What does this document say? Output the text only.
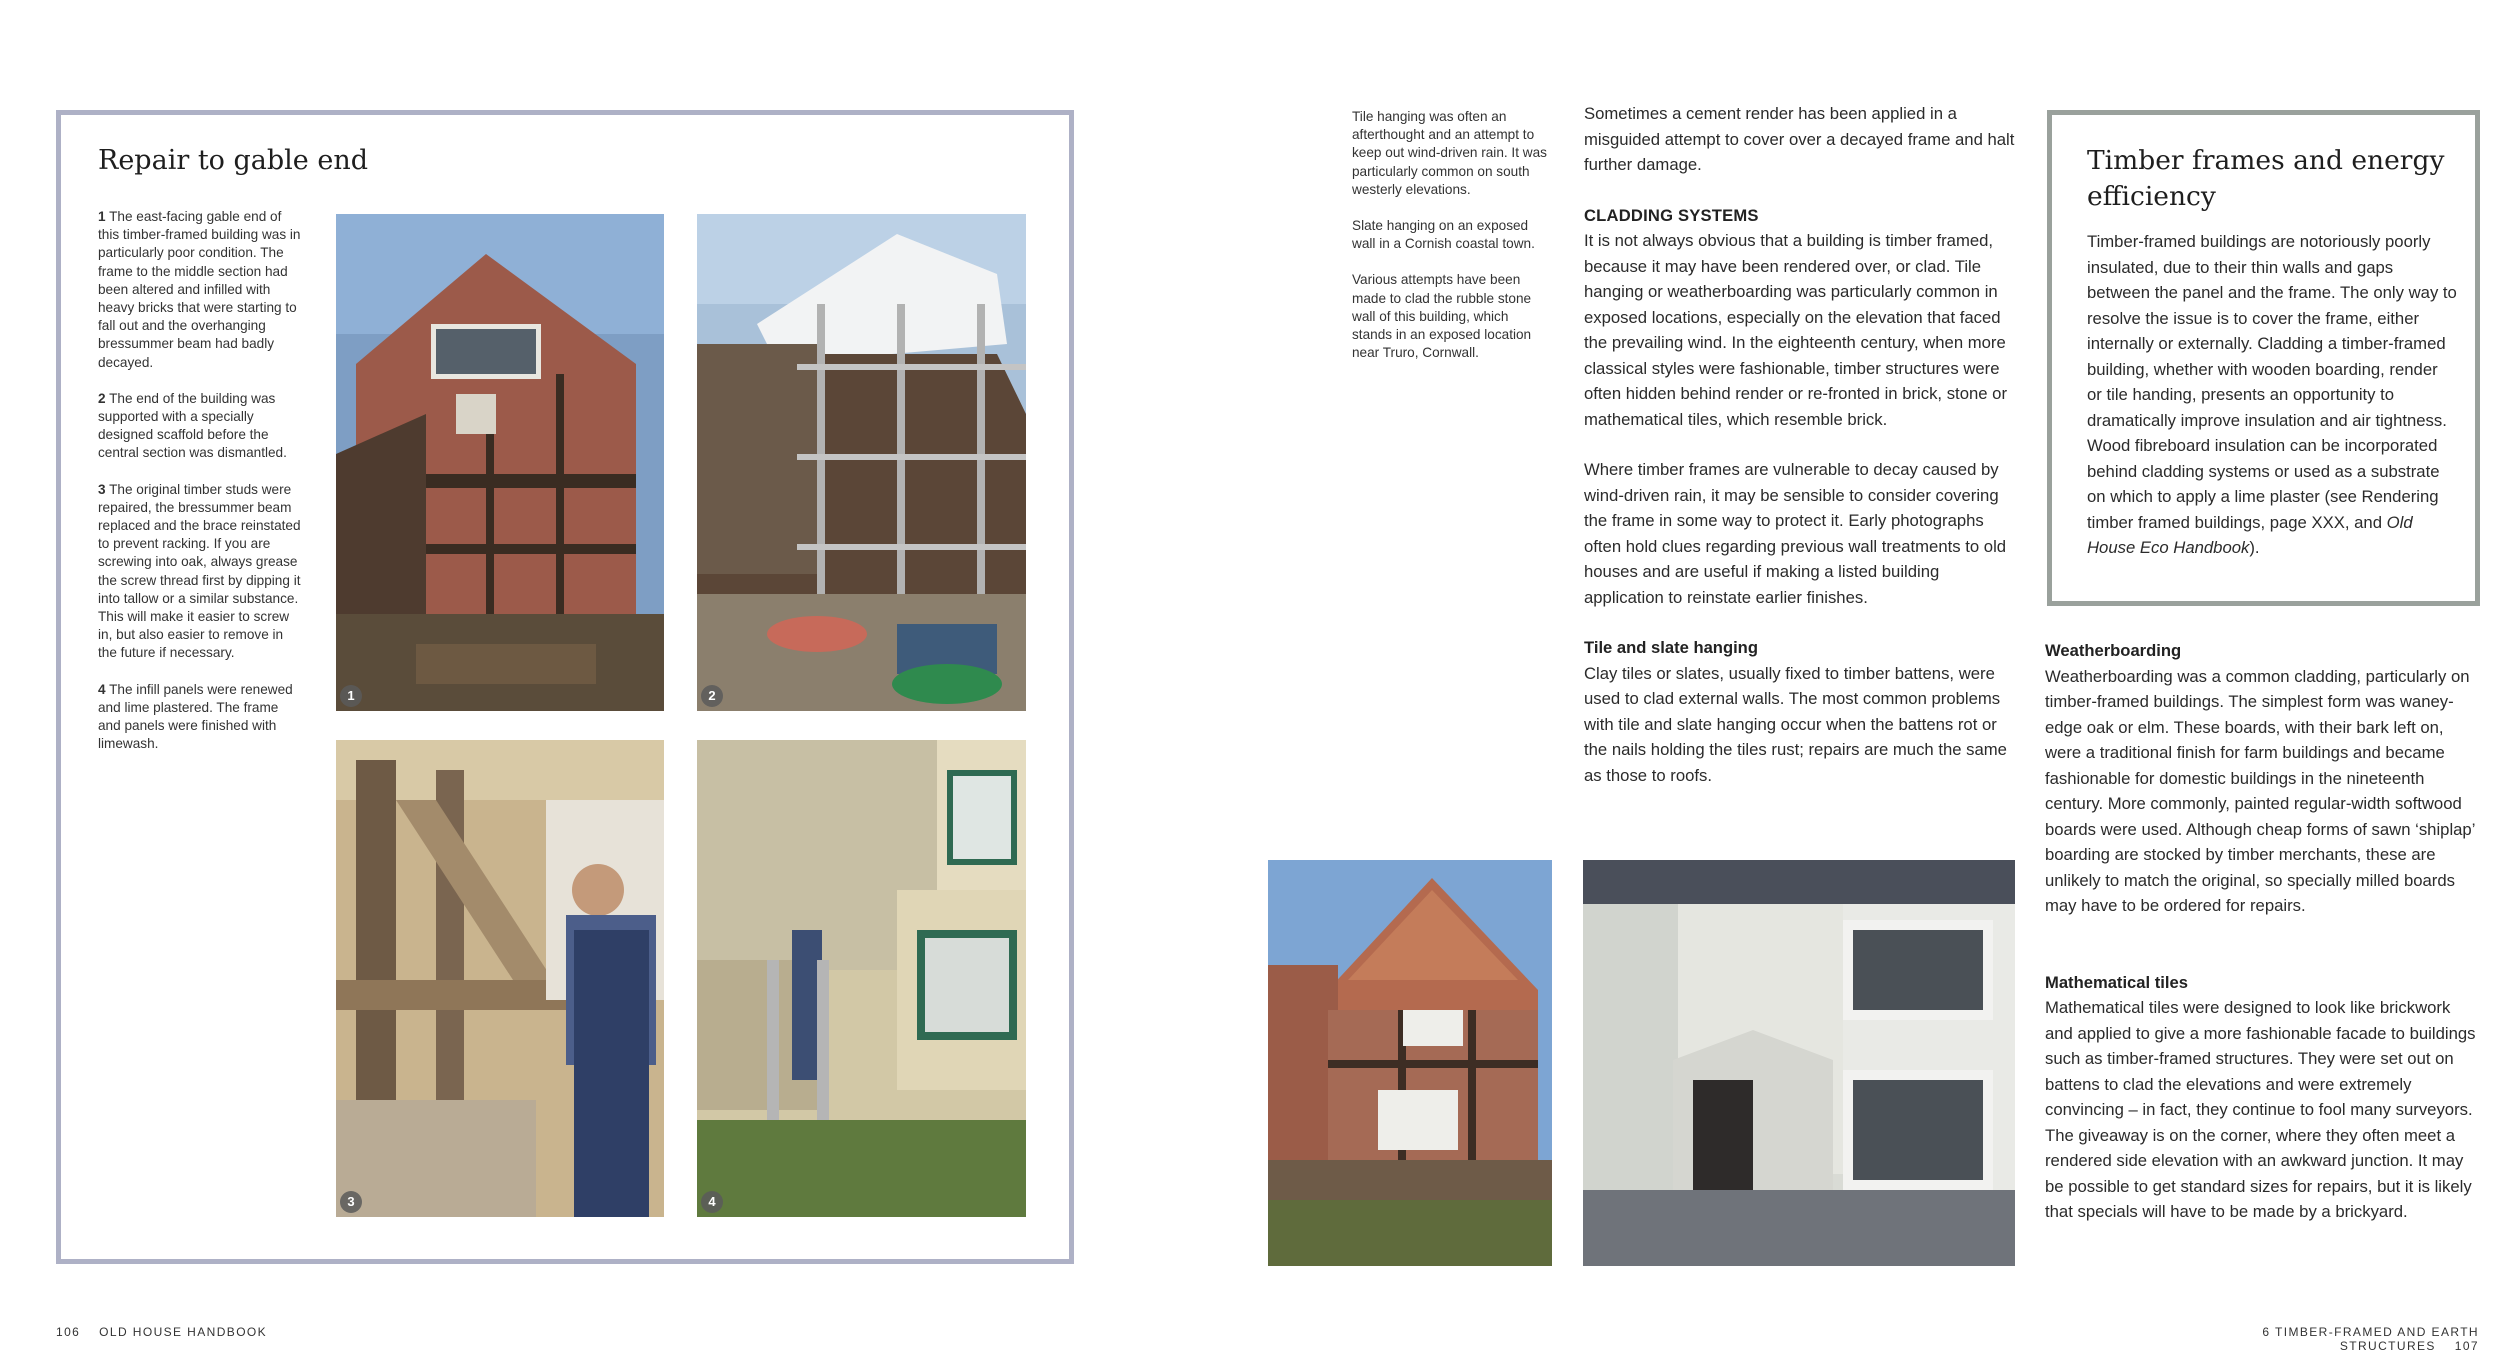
Repair to gable end

1 The east-facing gable end of this timber-framed building was in particularly poor condition. The frame to the middle section had been altered and infilled with heavy bricks that were starting to fall out and the overhanging bressummer beam had badly decayed.

2 The end of the building was supported with a specially designed scaffold before the central section was dismantled.

3 The original timber studs were repaired, the bressummer beam replaced and the brace reinstated to prevent racking. If you are screwing into oak, always grease the screw thread first by dipping it into tallow or a similar substance. This will make it easier to screw in, but also easier to remove in the future if necessary.

4 The infill panels were renewed and lime plastered. The frame and panels were finished with limewash.

1	2
3	4
106 OLD HOUSE HANDBOOK

Tile hanging was often an afterthought and an attempt to keep out wind-driven rain. It was particularly common on south westerly elevations.

Slate hanging on an exposed wall in a Cornish coastal town.

Various attempts have been made to clad the rubble stone wall of this building, which stands in an exposed location near Truro, Cornwall.

Sometimes a cement render has been applied in a misguided attempt to cover over a decayed frame and halt further damage.

CLADDING SYSTEMS

It is not always obvious that a building is timber framed, because it may have been rendered over, or clad. Tile hanging or weatherboarding was particularly common in exposed locations, especially on the elevation that faced the prevailing wind. In the eighteenth century, when more classical styles were fashionable, timber structures were often hidden behind render or re-fronted in brick, stone or mathematical tiles, which resemble brick.

Where timber frames are vulnerable to decay caused by wind-driven rain, it may be sensible to consider covering the frame in some way to protect it. Early photographs often hold clues regarding previous wall treatments to old houses and are useful if making a listed building application to reinstate earlier finishes.

Tile and slate hanging

Clay tiles or slates, usually fixed to timber battens, were used to clad external walls. The most common problems with tile and slate hanging occur when the battens rot or the nails holding the tiles rust; repairs are much the same as those to roofs.

Timber frames and energy efficiency

Timber-framed buildings are notoriously poorly insulated, due to their thin walls and gaps between the panel and the frame. The only way to resolve the issue is to cover the frame, either internally or externally. Cladding a timber-framed building, whether with wooden boarding, render or tile handing, presents an opportunity to dramatically improve insulation and air tightness. Wood fibreboard insulation can be incorporated behind cladding systems or used as a substrate on which to apply a lime plaster (see Rendering timber framed buildings, page XXX, and Old House Eco Handbook).

Weatherboarding

Weatherboarding was a common cladding, particularly on timber-framed buildings. The simplest form was waney-edge oak or elm. These boards, with their bark left on, were a traditional finish for farm buildings and became fashionable for domestic buildings in the nineteenth century. More commonly, painted regular-width softwood boards were used. Although cheap forms of sawn ‘shiplap’ boarding are stocked by timber merchants, these are unlikely to match the original, so specially milled boards may have to be ordered for repairs.

Mathematical tiles

Mathematical tiles were designed to look like brickwork and applied to give a more fashionable facade to buildings such as timber-framed structures. They were set out on battens to clad the elevations and were extremely convincing – in fact, they continue to fool many surveyors. The giveaway is on the corner, where they often meet a rendered side elevation with an awkward junction. It may be possible to get standard sizes for repairs, but it is likely that specials will have to be made by a brickyard.

6 TIMBER-FRAMED AND EARTH STRUCTURES 107
